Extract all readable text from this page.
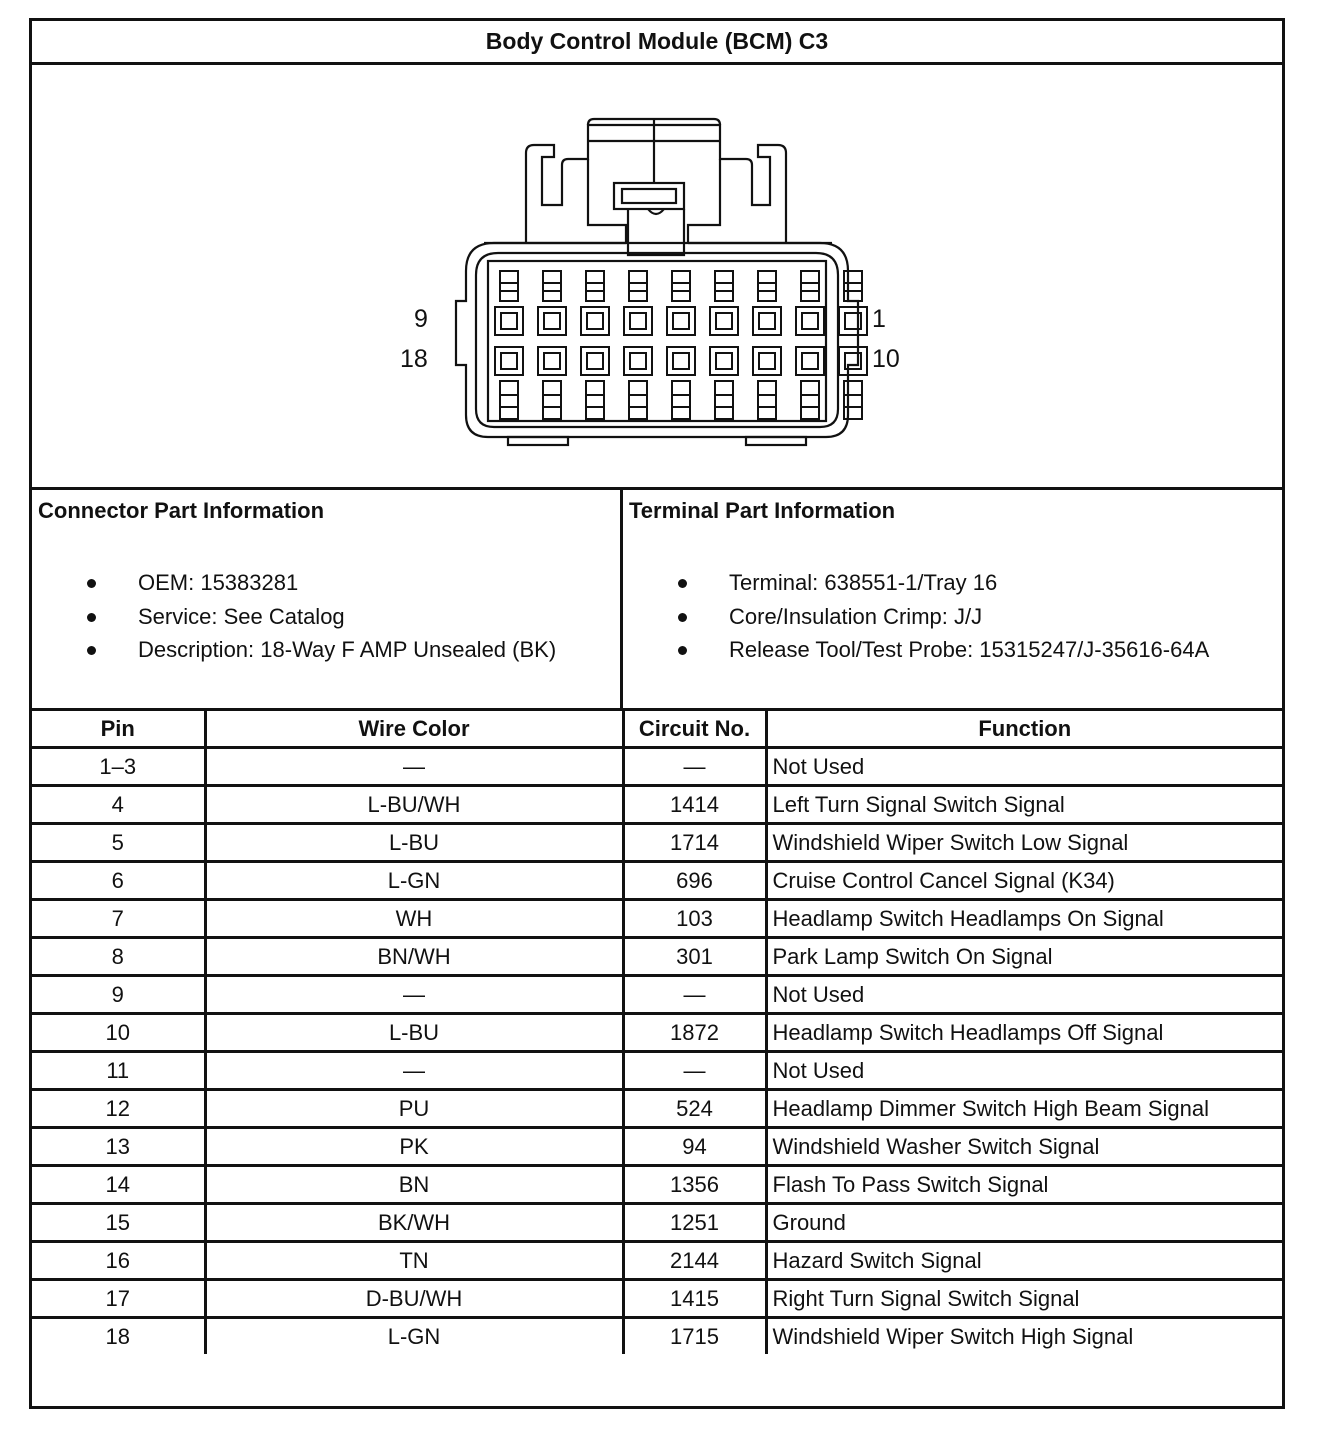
Body Control Module (BCM) C3
9
18
1
10
Connector Part Information
OEM: 15383281
Service: See Catalog
Description: 18-Way F AMP Unsealed (BK)
Terminal Part Information
Terminal: 638551-1/Tray 16
Core/Insulation Crimp: J/J
Release Tool/Test Probe: 15315247/J-35616-64A
Pin	Wire Color	Circuit No.	Function
1–3	—	—	Not Used
4	L-BU/WH	1414	Left Turn Signal Switch Signal
5	L-BU	1714	Windshield Wiper Switch Low Signal
6	L-GN	696	Cruise Control Cancel Signal (K34)
7	WH	103	Headlamp Switch Headlamps On Signal
8	BN/WH	301	Park Lamp Switch On Signal
9	—	—	Not Used
10	L-BU	1872	Headlamp Switch Headlamps Off Signal
11	—	—	Not Used
12	PU	524	Headlamp Dimmer Switch High Beam Signal
13	PK	94	Windshield Washer Switch Signal
14	BN	1356	Flash To Pass Switch Signal
15	BK/WH	1251	Ground
16	TN	2144	Hazard Switch Signal
17	D-BU/WH	1415	Right Turn Signal Switch Signal
18	L-GN	1715	Windshield Wiper Switch High Signal
